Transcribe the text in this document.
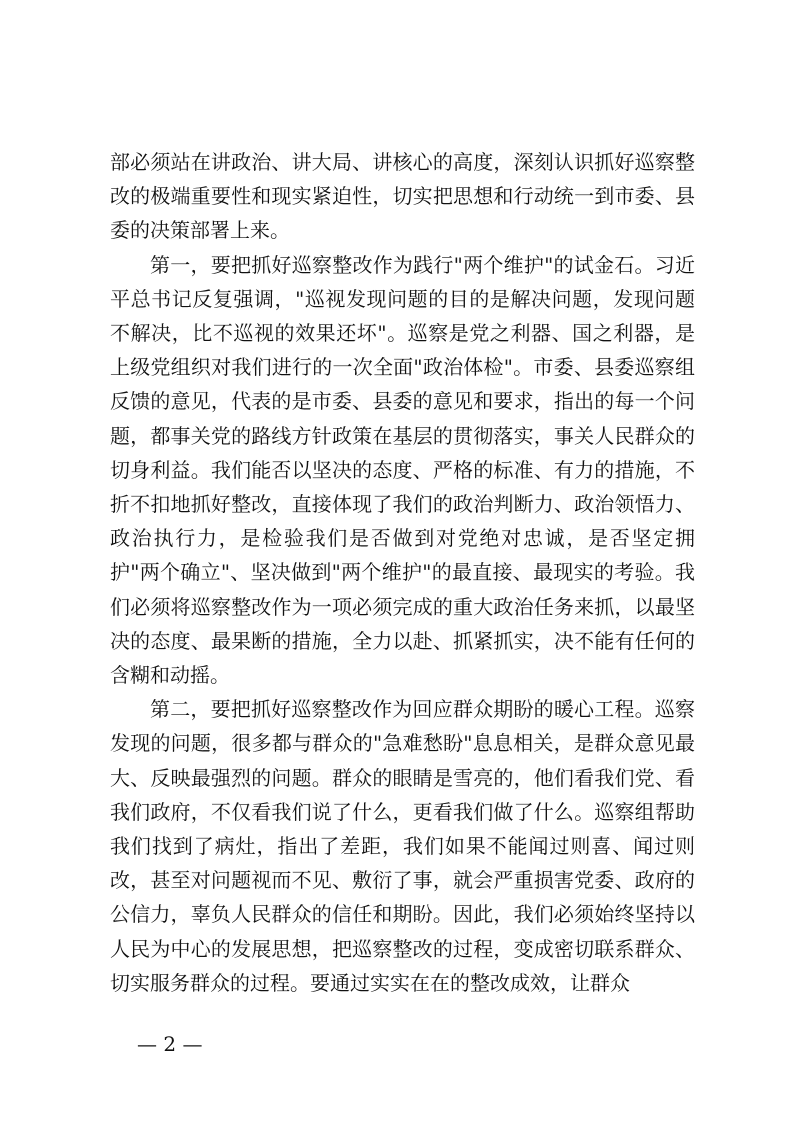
部必须站在讲政治、讲大局、讲核心的高度，深刻认识抓好巡察整改的极端重要性和现实紧迫性，切实把思想和行动统一到市委、县委的决策部署上来。

第一，要把抓好巡察整改作为践行"两个维护"的试金石。习近平总书记反复强调，"巡视发现问题的目的是解决问题，发现问题不解决，比不巡视的效果还坏"。巡察是党之利器、国之利器，是上级党组织对我们进行的一次全面"政治体检"。市委、县委巡察组反馈的意见，代表的是市委、县委的意见和要求，指出的每一个问题，都事关党的路线方针政策在基层的贯彻落实，事关人民群众的切身利益。我们能否以坚决的态度、严格的标准、有力的措施，不折不扣地抓好整改，直接体现了我们的政治判断力、政治领悟力、政治执行力，是检验我们是否做到对党绝对忠诚，是否坚定拥护"两个确立"、坚决做到"两个维护"的最直接、最现实的考验。我们必须将巡察整改作为一项必须完成的重大政治任务来抓，以最坚决的态度、最果断的措施，全力以赴、抓紧抓实，决不能有任何的含糊和动摇。

第二，要把抓好巡察整改作为回应群众期盼的暖心工程。巡察发现的问题，很多都与群众的"急难愁盼"息息相关，是群众意见最大、反映最强烈的问题。群众的眼睛是雪亮的，他们看我们党、看我们政府，不仅看我们说了什么，更看我们做了什么。巡察组帮助我们找到了病灶，指出了差距，我们如果不能闻过则喜、闻过则改，甚至对问题视而不见、敷衍了事，就会严重损害党委、政府的公信力，辜负人民群众的信任和期盼。因此，我们必须始终坚持以人民为中心的发展思想，把巡察整改的过程，变成密切联系群众、切实服务群众的过程。要通过实实在在的整改成效，让群众

— 2 —
